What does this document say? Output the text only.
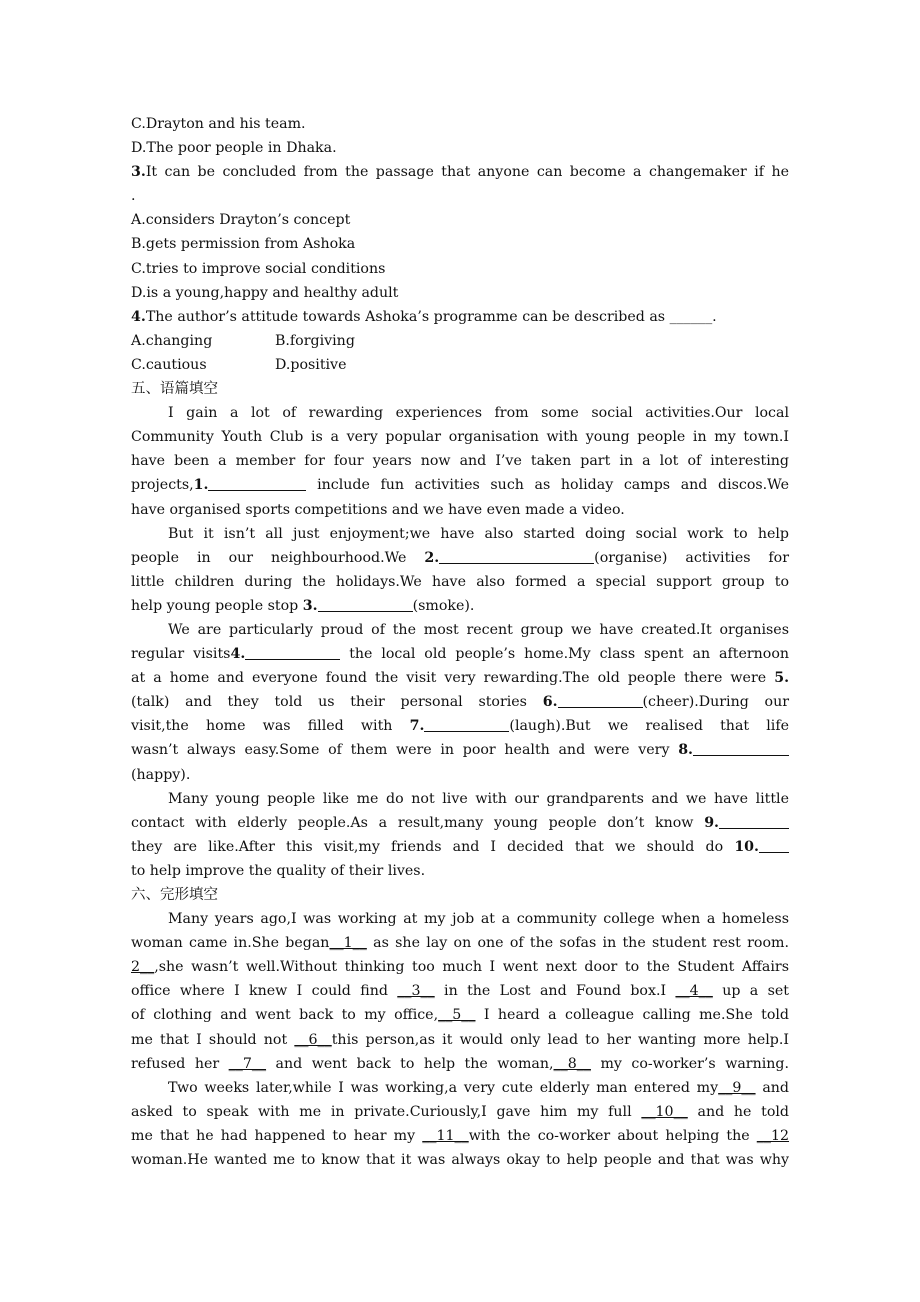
C.Drayton and his team.
D.The poor people in Dhaka.
3.It can be concluded from the passage that anyone can become a changemaker if he
.
A.considers Drayton’s concept
B.gets permission from Ashoka
C.tries to improve social conditions
D.is a young,happy and healthy adult
4.The author’s attitude towards Ashoka’s programme can be described as ______.
A.changing	B.forgiving
C.cautious	D.positive
五、语篇填空
I gain a lot of rewarding experiences from some social activities.Our local
Community Youth Club is a very popular organisation with young people in my town.I
have been a member for four years now and I’ve taken part in a lot of interesting
projects,1.	include fun activities such as holiday camps and discos.We
have organised sports competitions and we have even made a video.
But it isn’t all just enjoyment;we have also started doing social work to help
people in our neighbourhood.We 2.	(organise) activities for
little children during the holidays.We have also formed a special support group to
help young people stop 3.	(smoke).
We are particularly proud of the most recent group we have created.It organises
regular visits4.	the local old people’s home.My class spent an afternoon
at a home and everyone found the visit very rewarding.The old people there were 5.
(talk) and they told us their personal stories 6.	(cheer).During our
visit,the home was filled with 7.	(laugh).But we realised that life
wasn’t always easy.Some of them were in poor health and were very 8.
(happy).
Many young people like me do not live with our grandparents and we have little
contact with elderly people.As a result,many young people don’t know 9.
they are like.After this visit,my friends and I decided that we should do 10.
to help improve the quality of their lives.
六、完形填空
Many years ago,I was working at my job at a community college when a homeless
woman came in.She began__1__ as she lay on one of the sofas in the student rest room.
2__,she wasn’t well.Without thinking too much I went next door to the Student Affairs
office where I knew I could find __3__ in the Lost and Found box.I __4__ up a set
of clothing and went back to my office,__5__ I heard a colleague calling me.She told
me that I should not __6__this person,as it would only lead to her wanting more help.I
refused her __7__ and went back to help the woman,__8__ my co-worker’s warning.
Two weeks later,while I was working,a very cute elderly man entered my__9__ and
asked to speak with me in private.Curiously,I gave him my full __10__ and he told
me that he had happened to hear my __11__with the co-worker about helping the __12
woman.He wanted me to know that it was always okay to help people and that was why
